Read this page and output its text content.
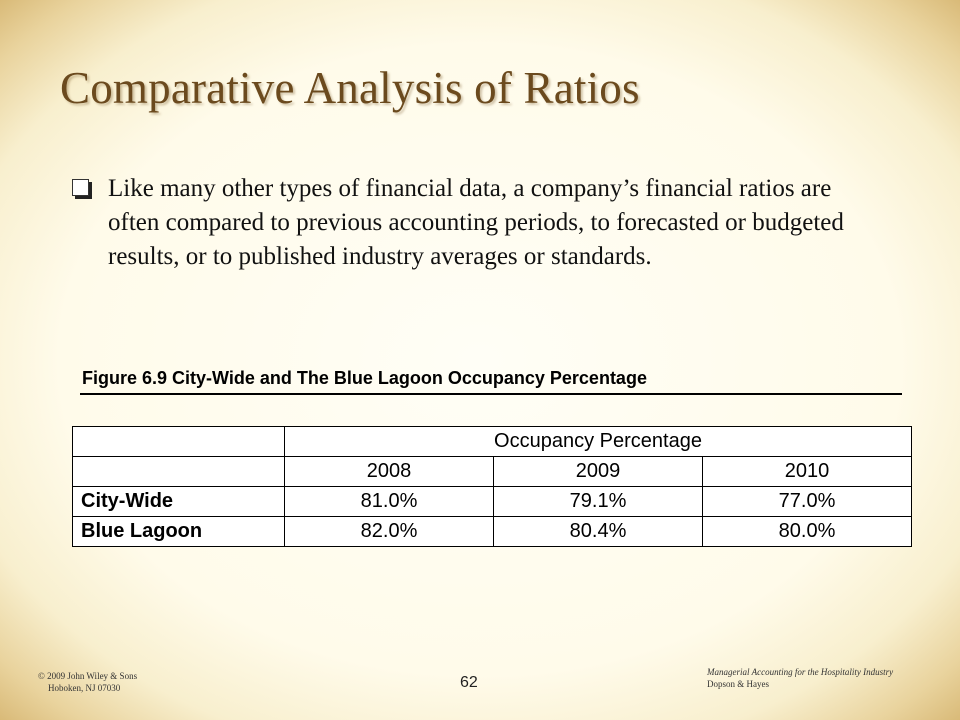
Comparative Analysis of Ratios

Like many other types of financial data, a company’s financial ratios are often compared to previous accounting periods, to forecasted or budgeted results, or to published industry averages or standards.

Figure 6.9 City-Wide and The Blue Lagoon Occupancy Percentage
	Occupancy Percentage		
	2008	2009	2010
City-Wide	81.0%	79.1%	77.0%
Blue Lagoon	82.0%	80.4%	80.0%
© 2009 John Wiley & Sons
Hoboken, NJ 07030	62
Managerial Accounting for the Hospitality Industry
Dopson & Hayes
